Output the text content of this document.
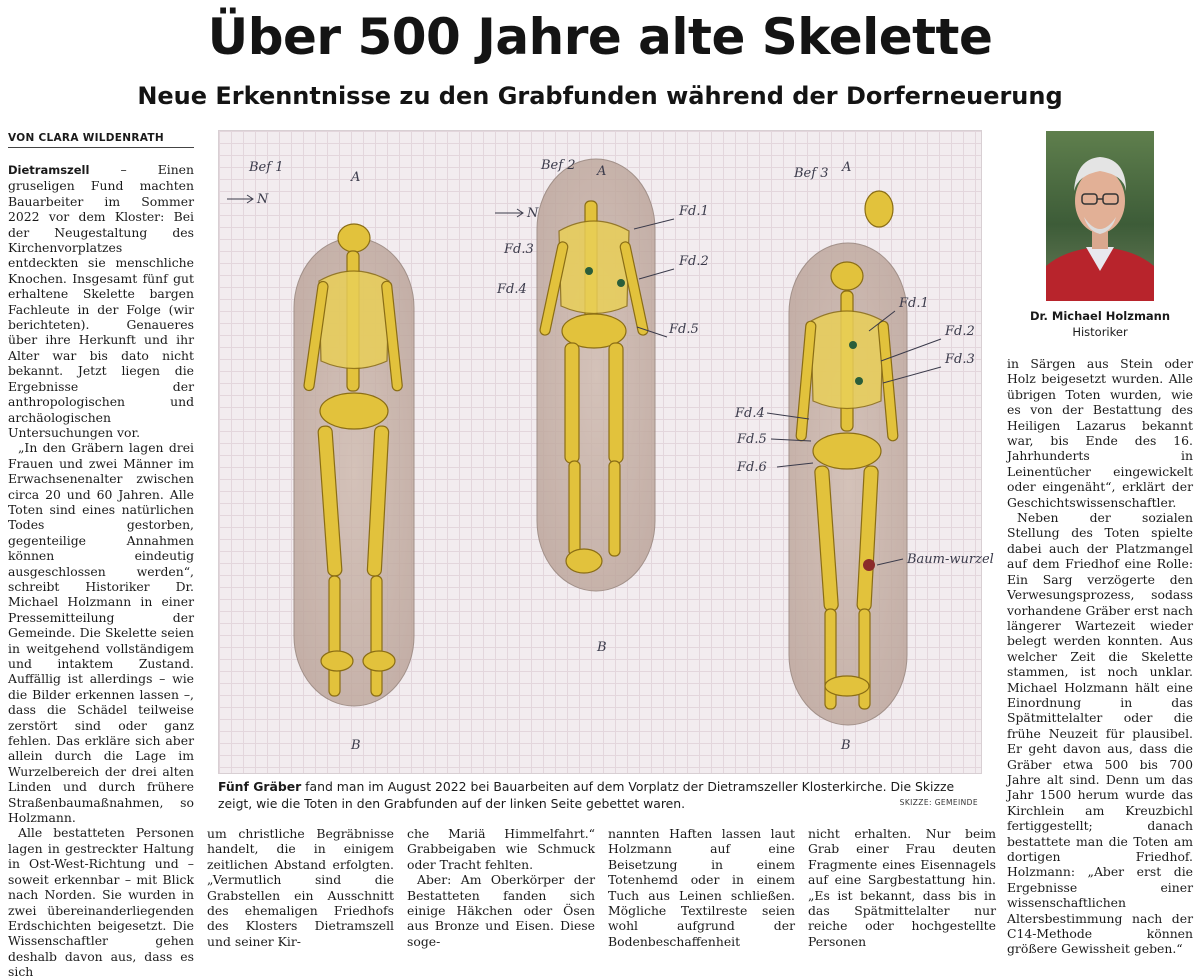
Über 500 Jahre alte Skelette
Neue Erkenntnisse zu den Grabfunden während der Dorferneuerung
VON CLARA WILDENRATH

Dietramszell	– Einen gruseligen Fund machten Bauarbeiter im Sommer 2022 vor dem Kloster: Bei der Neugestaltung des Kirchenvorplatzes entdeckten sie menschliche Knochen. Insgesamt fünf gut erhaltene Skelette bargen Fachleute in der Folge (wir berichteten). Genaueres über ihre Herkunft und ihr Alter war bis dato nicht bekannt. Jetzt liegen die Ergebnisse der anthropologischen und archäologischen Untersuchungen vor.

„In den Gräbern lagen drei Frauen und zwei Männer im Erwachsenenalter zwischen circa 20 und 60 Jahren. Alle Toten sind eines natürlichen Todes gestorben, gegenteilige Annahmen können eindeutig ausgeschlossen werden“, schreibt Historiker Dr. Michael Holzmann in einer Pressemitteilung der Gemeinde. Die Skelette seien in weitgehend vollständigem und intaktem Zustand. Auffällig ist allerdings – wie die Bilder erkennen lassen –, dass die Schädel teilweise zerstört sind oder ganz fehlen. Das erkläre sich aber allein durch die Lage im Wurzelbereich der drei alten Linden und durch frühere Straßenbaumaßnahmen, so Holzmann.

Alle bestatteten Personen lagen in gestreckter Haltung in Ost-West-Richtung und – soweit erkennbar – mit Blick nach Norden. Sie wurden in zwei übereinanderliegenden Erdschichten beigesetzt. Die Wissenschaftler gehen deshalb davon aus, dass es sich

Bef 1	Bef 2
Bef 3
N
N
A	A	A
B
B
B
Fd.1
Fd.2
Fd.3
Fd.4
Fd.5
Fd.1
Fd.2
Fd.3
Fd.4
Fd.5
Fd.6
Baum-wurzel
Fünf Gräber fand man im August 2022 bei Bauarbeiten auf dem Vorplatz der Dietramszeller Klosterkirche. Die Skizze zeigt, wie die Toten in den Grabfunden auf der linken Seite gebettet waren.	SKIZZE: GEMEINDE

um christliche Begräbnisse handelt, die in einigem zeitlichen Abstand erfolgten. „Vermutlich sind die Grabstellen ein Ausschnitt des ehemaligen Friedhofs des Klosters Dietramszell und seiner Kir-

che Mariä Himmelfahrt.“ Grabbeigaben wie Schmuck oder Tracht fehlten.

Aber: Am Oberkörper der Bestatteten fanden sich einige Häkchen oder Ösen aus Bronze und Eisen. Diese soge-

nannten Haften lassen laut Holzmann auf eine Beisetzung in einem Totenhemd oder in einem Tuch aus Leinen schließen. Mögliche Textilreste seien wohl aufgrund der Bodenbeschaffenheit

nicht erhalten. Nur beim Grab einer Frau deuten Fragmente eines Eisennagels auf eine Sargbestattung hin. „Es ist bekannt, dass bis in das Spätmittelalter nur reiche oder hochgestellte Personen

Dr. Michael Holzmann
Historiker

in Särgen aus Stein oder Holz beigesetzt wurden. Alle übrigen Toten wurden, wie es von der Bestattung des Heiligen Lazarus bekannt war, bis Ende des 16. Jahrhunderts in Leinentücher eingewickelt oder eingenäht“, erklärt der Geschichtswissenschaftler.

Neben der sozialen Stellung des Toten spielte dabei auch der Platzmangel auf dem Friedhof eine Rolle: Ein Sarg verzögerte den Verwesungsprozess, sodass vorhandene Gräber erst nach längerer Wartezeit wieder belegt werden konnten. Aus welcher Zeit die Skelette stammen, ist noch unklar. Michael Holzmann hält eine Einordnung in das Spätmittelalter oder die frühe Neuzeit für plausibel. Er geht davon aus, dass die Gräber etwa 500 bis 700 Jahre alt sind. Denn um das Jahr 1500 herum wurde das Kirchlein am Kreuzbichl fertiggestellt; danach bestattete man die Toten am dortigen Friedhof. Holzmann: „Aber erst die Ergebnisse einer wissenschaftlichen Altersbestimmung nach der C14-Methode können größere Gewissheit geben.“
